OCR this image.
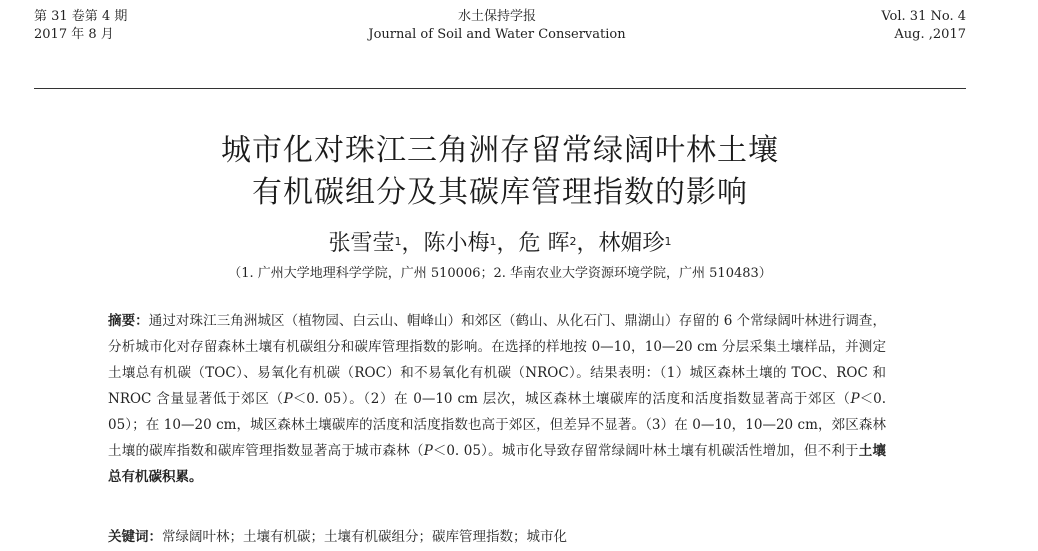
第 31 卷第 4 期
2017 年 8 月
水土保持学报
Journal of Soil and Water Conservation
Vol. 31 No. 4
Aug. ,2017
城市化对珠江三角洲存留常绿阔叶林土壤
有机碳组分及其碳库管理指数的影响
张雪莹$^1$，陈小梅$^1$，危 晖$^2$，林媚珍$^1$
（1. 广州大学地理科学学院，广州 510006；2. 华南农业大学资源环境学院，广州 510483）
摘要：通过对珠江三角洲城区（植物园、白云山、帽峰山）和郊区（鹤山、从化石门、鼎湖山）存留的 6 个常绿阔叶林进行调查，分析城市化对存留森林土壤有机碳组分和碳库管理指数的影响。在选择的样地按 0—10，10—20 cm 分层采集土壤样品，并测定土壤总有机碳（TOC）、易氧化有机碳（ROC）和不易氧化有机碳（NROC）。结果表明：（1）城区森林土壤的 TOC、ROC 和 NROC 含量显著低于郊区（P＜0. 05）。（2）在 0—10 cm 层次，城区森林土壤碳库的活度和活度指数显著高于郊区（P＜0. 05）；在 10—20 cm，城区森林土壤碳库的活度和活度指数也高于郊区，但差异不显著。（3）在 0—10，10—20 cm，郊区森林土壤的碳库指数和碳库管理指数显著高于城市森林（P＜0. 05）。城市化导致存留常绿阔叶林土壤有机碳活性增加，但不利于土壤总有机碳积累。
关键词：常绿阔叶林；土壤有机碳；土壤有机碳组分；碳库管理指数；城市化
